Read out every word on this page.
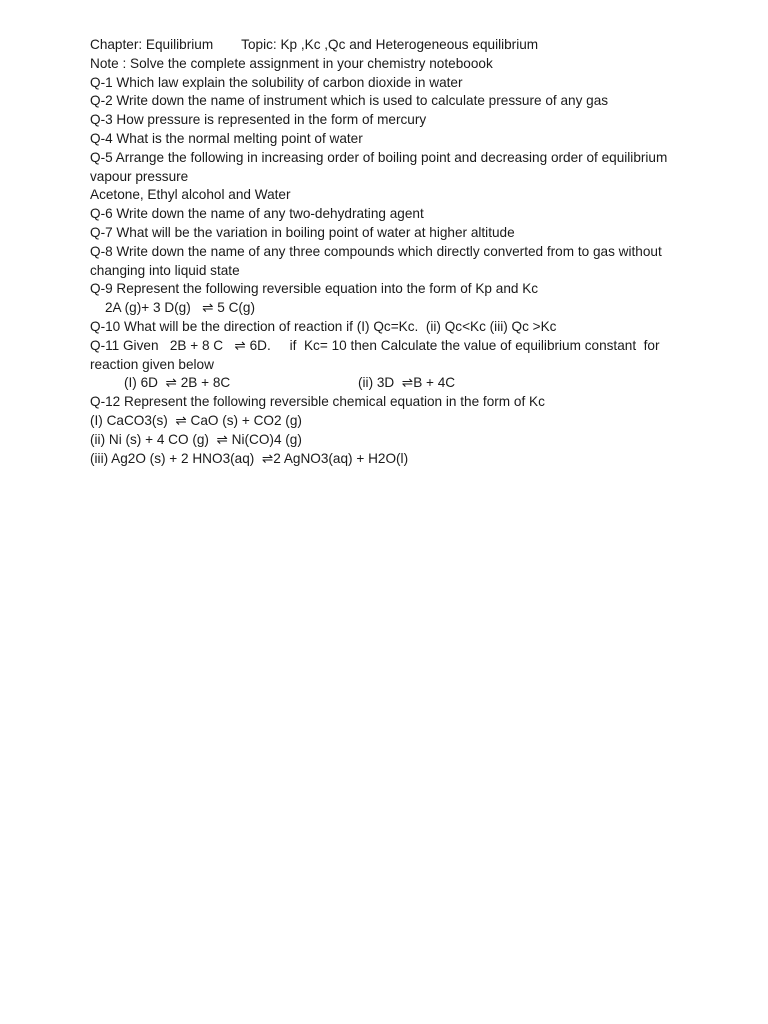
Chapter: Equilibrium Topic: Kp ,Kc ,Qc and Heterogeneous equilibrium
Note : Solve the complete assignment in your chemistry noteboook
Q-1 Which law explain the solubility of carbon dioxide in water
Q-2 Write down the name of instrument which is used to calculate pressure of any gas
Q-3 How pressure is represented in the form of mercury
Q-4 What is the normal melting point of water
Q-5 Arrange the following in increasing order of boiling point and decreasing order of equilibrium vapour pressure
Acetone, Ethyl alcohol and Water
Q-6 Write down the name of any two-dehydrating agent
Q-7 What will be the variation in boiling point of water at higher altitude
Q-8 Write down the name of any three compounds which directly converted from to gas without changing into liquid state
Q-9 Represent the following reversible equation into the form of Kp and Kc
2A (g)+ 3 D(g)   ⇌ 5 C(g)
Q-10 What will be the direction of reaction if (I) Qc=Kc.  (ii) Qc<Kc (iii) Qc >Kc
Q-11 Given   2B + 8 C   ⇌ 6D.     if  Kc= 10 then Calculate the value of equilibrium constant  for reaction given below
(I) 6D  ⇌ 2B + 8C	(ii) 3D  ⇌B + 4C
Q-12 Represent the following reversible chemical equation in the form of Kc
(I) CaCO3(s)  ⇌ CaO (s) + CO2 (g)
(ii) Ni (s) + 4 CO (g)  ⇌ Ni(CO)4 (g)
(iii) Ag2O (s) + 2 HNO3(aq)  ⇌2 AgNO3(aq) + H2O(l)
